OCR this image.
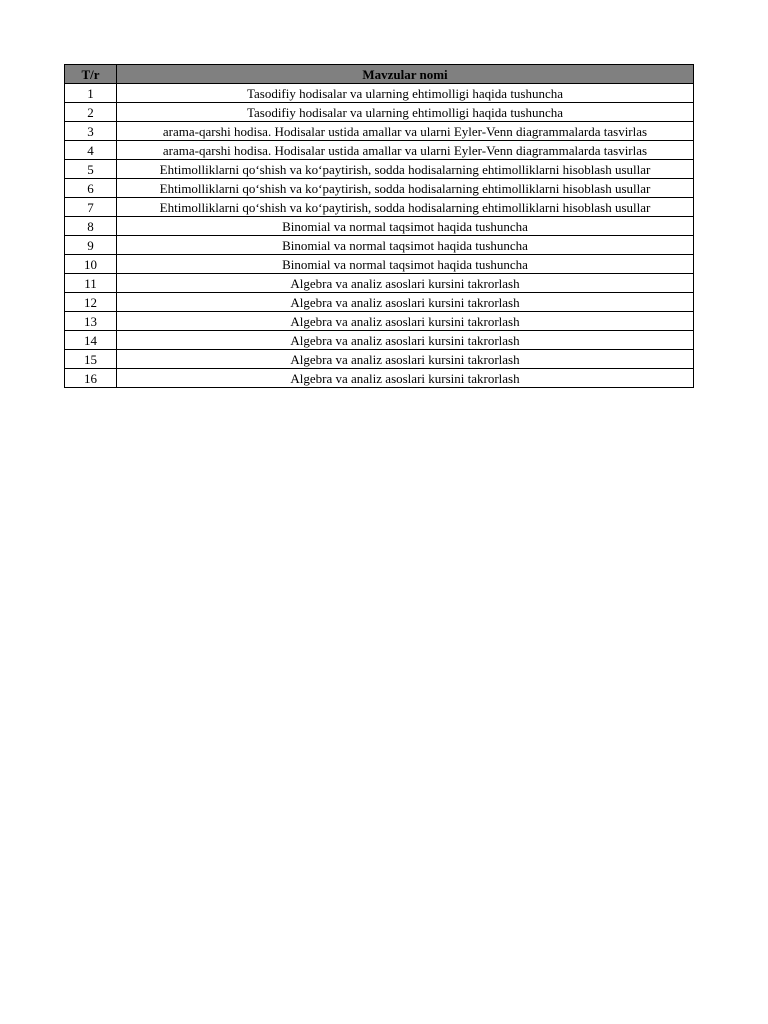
T/r	Mavzular nomi
1	Tasodifiy hodisalar va ularning ehtimolligi haqida tushuncha
2	Tasodifiy hodisalar va ularning ehtimolligi haqida tushuncha
3	arama-qarshi hodisa. Hodisalar ustida amallar va ularni Eyler-Venn diagrammalarda tasvirlas
4	arama-qarshi hodisa. Hodisalar ustida amallar va ularni Eyler-Venn diagrammalarda tasvirlas
5	Ehtimolliklarni qo‘shish va ko‘paytirish, sodda hodisalarning ehtimolliklarni hisoblash usullar
6	Ehtimolliklarni qo‘shish va ko‘paytirish, sodda hodisalarning ehtimolliklarni hisoblash usullar
7	Ehtimolliklarni qo‘shish va ko‘paytirish, sodda hodisalarning ehtimolliklarni hisoblash usullar
8	Binomial va normal taqsimot haqida tushuncha
9	Binomial va normal taqsimot haqida tushuncha
10	Binomial va normal taqsimot haqida tushuncha
11	Algebra va analiz asoslari kursini takrorlash
12	Algebra va analiz asoslari kursini takrorlash
13	Algebra va analiz asoslari kursini takrorlash
14	Algebra va analiz asoslari kursini takrorlash
15	Algebra va analiz asoslari kursini takrorlash
16	Algebra va analiz asoslari kursini takrorlash
